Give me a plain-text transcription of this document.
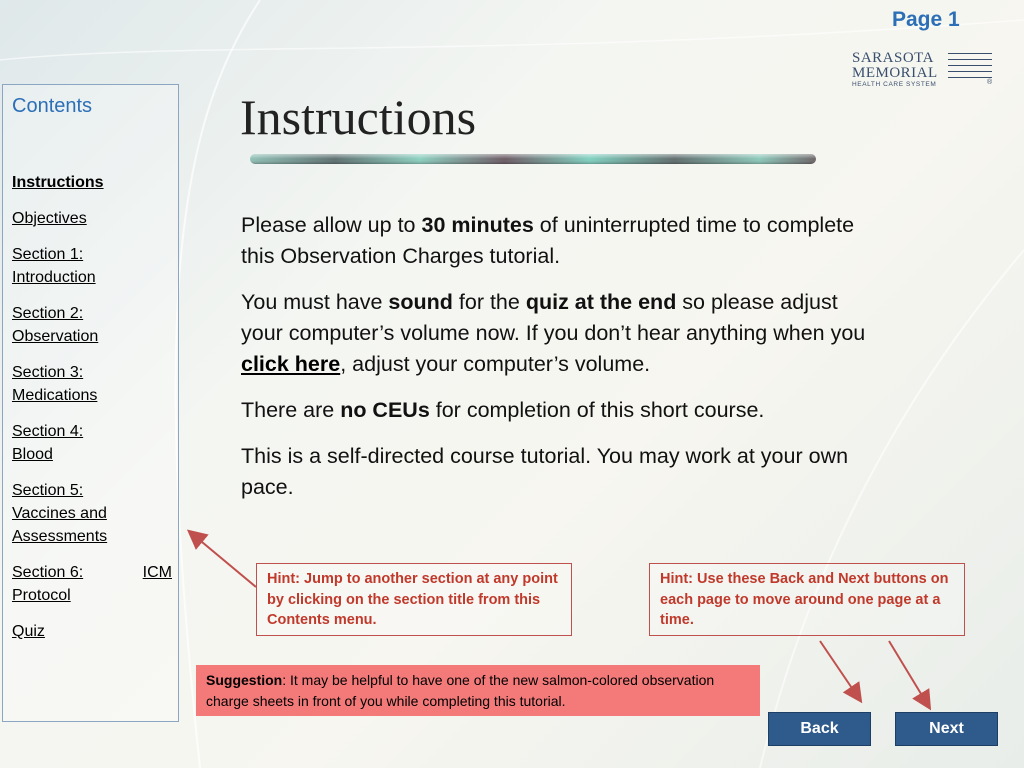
Page 1
SARASOTA
MEMORIAL
HEALTH CARE SYSTEM	®
Contents
Instructions
Objectives
Section 1:
Introduction
Section 2:
Observation
Section 3:
Medications
Section 4:
Blood
Section 5:
Vaccines and Assessments
Section 6:	ICM
Protocol
Quiz
Instructions

Please allow up to 30 minutes of uninterrupted time to complete this Observation Charges tutorial.

You must have sound for the quiz at the end so please adjust your computer’s volume now. If you don’t hear anything when you click here, adjust your computer’s volume.

There are no CEUs for completion of this short course.

This is a self-directed course tutorial. You may work at your own pace.

Hint: Jump to another section at any point by clicking on the section title from this Contents menu.
Hint: Use these Back and Next buttons on each page to move around one page at a time.
Suggestion: It may be helpful to have one of the new salmon-colored observation charge sheets in front of you while completing this tutorial.
Back	Next
